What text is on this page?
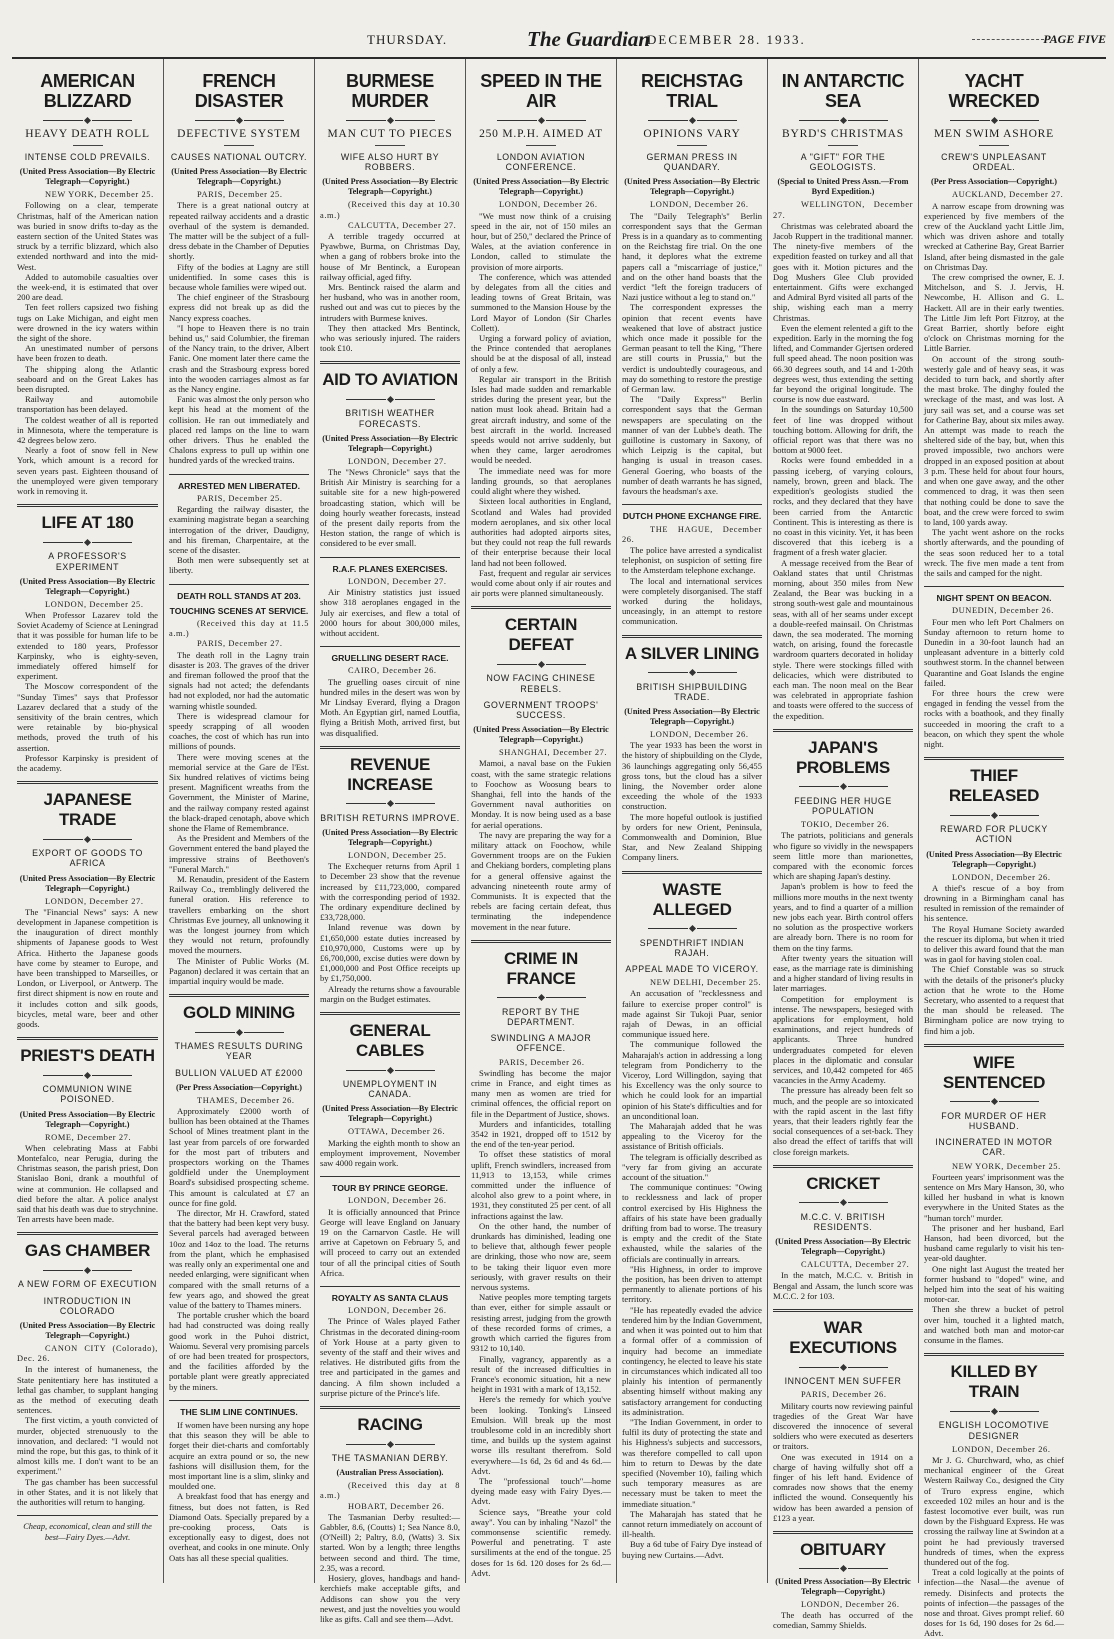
THURSDAY.	The Guardian
DECEMBER 28. 1933.	PAGE FIVE
AMERICAN BLIZZARD
HEAVY DEATH ROLL
INTENSE COLD PREVAILS.
(United Press Association—By Electric Telegraph—Copyright.)
NEW YORK, December 25.

Following on a clear, temperate Christmas, half of the American nation was buried in snow drifts to-day as the eastern section of the United States was struck by a terrific blizzard, which also extended northward and into the mid-West.

Added to automobile casualties over the week-end, it is estimated that over 200 are dead.

Ten feet rollers capsized two fishing tugs on Lake Michigan, and eight men were drowned in the icy waters within the sight of the shore.

An unestimated number of persons have been frozen to death.

The shipping along the Atlantic seaboard and on the Great Lakes has been disrupted.

Railway and automobile transportation has been delayed.

The coldest weather of all is reported in Minnesota, where the temperature is 42 degrees below zero.

Nearly a foot of snow fell in New York, which amount is a record for seven years past. Eighteen thousand of the unemployed were given temporary work in removing it.

LIFE AT 180
A PROFESSOR'S EXPERIMENT
(United Press Association—By Electric Telegraph—Copyright.)
LONDON, December 25.

When Professor Lazarev told the Soviet Academy of Science at Leningrad that it was possible for human life to be extended to 180 years, Professor Karpinsky, who is eighty-seven, immediately offered himself for experiment.

The Moscow correspondent of the "Sunday Times" says that Professor Lazarev declared that a study of the sensitivity of the brain centres, which were retainable by bio-physical methods, proved the truth of his assertion.

Professor Karpinsky is president of the academy.

JAPANESE TRADE
EXPORT OF GOODS TO AFRICA
(United Press Association—By Electric Telegraph—Copyright.)
LONDON, December 27.

The "Financial News" says: A new development in Japanese competition is the inauguration of direct monthly shipments of Japanese goods to West Africa. Hitherto the Japanese goods have come by steamer to Europe, and have been transhipped to Marseilles, or London, or Liverpool, or Antwerp. The first direct shipment is now en route and it includes cotton and silk goods, bicycles, metal ware, beer and other goods.

PRIEST'S DEATH
COMMUNION WINE POISONED.
(United Press Association—By Electric Telegraph—Copyright.)
ROME, December 27.

When celebrating Mass at Fabbi Montefalco, near Perugia, during the Christmas season, the parish priest, Don Stanislao Boni, drank a mouthful of wine at communion. He collapsed and died before the altar. A police analyst said that his death was due to strychnine. Ten arrests have been made.

GAS CHAMBER
A NEW FORM OF EXECUTION
INTRODUCTION IN COLORADO
(United Press Association—By Electric Telegraph—Copyright.)
CANON CITY (Colorado), Dec. 26.

In the interest of humaneness, the State penitentiary here has instituted a lethal gas chamber, to supplant hanging as the method of executing death sentences.

The first victim, a youth convicted of murder, objected strenuously to the innovation, and declared: "I would not mind the rope, but this gas, to think of it almost kills me. I don't want to be an experiment."

The gas chamber has been successful in other States, and it is not likely that the authorities will return to hanging.

Cheap, economical, clean and still the best—Fairy Dyes.—Advt.
FRENCH DISASTER
DEFECTIVE SYSTEM
CAUSES NATIONAL OUTCRY.
(United Press Association—By Electric Telegraph—Copyright.)
PARIS, December 25.

There is a great national outcry at repeated railway accidents and a drastic overhaul of the system is demanded. The matter will be the subject of a full-dress debate in the Chamber of Deputies shortly.

Fifty of the bodies at Lagny are still unidentified. In some cases this is because whole families were wiped out.

The chief engineer of the Strasbourg express did not break up as did the Nancy express coaches.

"I hope to Heaven there is no train behind us," said Columbier, the fireman of the Nancy train, to the driver, Albert Fanic. One moment later there came the crash and the Strasbourg express bored into the wooden carriages almost as far as the Nancy engine.

Fanic was almost the only person who kept his head at the moment of the collision. He ran out immediately and placed red lamps on the line to warn other drivers. Thus he enabled the Chalons express to pull up within one hundred yards of the wrecked trains.

ARRESTED MEN LIBERATED.
PARIS, December 25.

Regarding the railway disaster, the examining magistrate began a searching interrogation of the driver, Daudigny, and his fireman, Charpentaire, at the scene of the disaster.

Both men were subsequently set at liberty.

DEATH ROLL STANDS AT 203.
TOUCHING SCENES AT SERVICE.
(Received this day at 11.5 a.m.)
PARIS, December 27.

The death roll in the Lagny train disaster is 203. The graves of the driver and fireman followed the proof that the signals had not acted; the defendants had not exploded, nor had the automatic warning whistle sounded.

There is widespread clamour for speedy scrapping of all wooden coaches, the cost of which has run into millions of pounds.

There were moving scenes at the memorial service at the Gare de l'Est. Six hundred relatives of victims being present. Magnificent wreaths from the Government, the Minister of Marine, and the railway company rested against the black-draped cenotaph, above which shone the Flame of Remembrance.

As the President and Members of the Government entered the band played the impressive strains of Beethoven's "Funeral March."

M. Renaudin, president of the Eastern Railway Co., tremblingly delivered the funeral oration. His reference to travellers embarking on the short Christmas Eve journey, all unknowing it was the longest journey from which they would not return, profoundly moved the mourners.

The Minister of Public Works (M. Paganon) declared it was certain that an impartial inquiry would be made.

GOLD MINING
THAMES RESULTS DURING YEAR
BULLION VALUED AT £2000
(Per Press Association—Copyright.)
THAMES, December 26.

Approximately £2000 worth of bullion has been obtained at the Thames School of Mines treatment plant in the last year from parcels of ore forwarded for the most part of tributers and prospectors working on the Thames goldfield under the Unemployment Board's subsidised prospecting scheme. This amount is calculated at £7 an ounce for fine gold.

The director, Mr H. Crawford, stated that the battery had been kept very busy. Several parcels had averaged between 10oz and 14oz to the load. The returns from the plant, which he emphasised was really only an experimental one and needed enlarging, were significant when compared with the small returns of a few years ago, and showed the great value of the battery to Thames miners.

The portable crusher which the board had had constructed was doing really good work in the Puhoi district, Waiomu. Several very promising parcels of ore had been treated for prospectors, and the facilities afforded by the portable plant were greatly appreciated by the miners.

THE SLIM LINE CONTINUES.

If women have been nursing any hope that this season they will be able to forget their diet-charts and comfortably acquire an extra pound or so, the new fashions will disillusion them, for the most important line is a slim, slinky and moulded one.

A breakfast food that has energy and fitness, but does not fatten, is Red Diamond Oats. Specially prepared by a pre-cooking process, Oats is exceptionally easy to digest, does not overheat, and cooks in one minute. Only Oats has all these special qualities.

BURMESE MURDER
MAN CUT TO PIECES
WIFE ALSO HURT BY ROBBERS.
(United Press Association—By Electric Telegraph—Copyright.)
(Received this day at 10.30 a.m.)
CALCUTTA, December 27.

A terrible tragedy occurred at Pyawbwe, Burma, on Christmas Day, when a gang of robbers broke into the house of Mr Bentinck, a European railway official, aged fifty.

Mrs. Bentinck raised the alarm and her husband, who was in another room, rushed out and was cut to pieces by the intruders with Burmese knives.

They then attacked Mrs Bentinck, who was seriously injured. The raiders took £10.

AID TO AVIATION
BRITISH WEATHER FORECASTS.
(United Press Association—By Electric Telegraph—Copyright.)
LONDON, December 27.

The "News Chronicle" says that the British Air Ministry is searching for a suitable site for a new high-powered broadcasting station, which will be doing hourly weather forecasts, instead of the present daily reports from the Heston station, the range of which is considered to be ever small.

R.A.F. PLANES EXERCISES.
LONDON, December 27.

Air Ministry statistics just issued show 318 aeroplanes engaged in the July air exercises, and flew a total of 2000 hours for about 300,000 miles, without accident.

GRUELLING DESERT RACE.
CAIRO, December 26.

The gruelling oases circuit of nine hundred miles in the desert was won by Mr Lindsay Everard, flying a Dragon Moth. An Egyptian girl, named Loutfia, flying a British Moth, arrived first, but was disqualified.

REVENUE INCREASE
BRITISH RETURNS IMPROVE.
(United Press Association—By Electric Telegraph—Copyright.)
LONDON, December 25.

The Exchequer returns from April 1 to December 23 show that the revenue increased by £11,723,000, compared with the corresponding period of 1932. The ordinary expenditure declined by £33,728,000.

Inland revenue was down by £1,650,000 estate duties increased by £10,970,000, Customs were up by £6,700,000, excise duties were down by £1,000,000 and Post Office receipts up by £1,750,000.

Already the returns show a favourable margin on the Budget estimates.

GENERAL CABLES
UNEMPLOYMENT IN CANADA.
(United Press Association—By Electric Telegraph—Copyright.)
OTTAWA, December 26.

Marking the eighth month to show an employment improvement, November saw 4000 regain work.

TOUR BY PRINCE GEORGE.
LONDON, December 26.

It is officially announced that Prince George will leave England on January 19 on the Carnarvon Castle. He will arrive at Capetown on February 5, and will proceed to carry out an extended tour of all the principal cities of South Africa.

ROYALTY AS SANTA CLAUS
LONDON, December 26.

The Prince of Wales played Father Christmas in the decorated dining-room of York House at a party given to seventy of the staff and their wives and relatives. He distributed gifts from the tree and participated in the games and dancing. A film shown included a surprise picture of the Prince's life.

RACING
THE TASMANIAN DERBY.
(Australian Press Association).
(Received this day at 8 a.m.)
HOBART, December 26.

The Tasmanian Derby resulted:—Gabbler, 8.6, (Coutts) 1; Sea Nance 8.0, (O'Neill) 2; Paltry, 8.0, (Watts) 3. Six started. Won by a length; three lengths between second and third. The time, 2.35, was a record.

Hosiery, gloves, handbags and hand-kerchiefs make acceptable gifts, and Addisons can show you the very newest, and just the novelties you would like as gifts. Call and see them—Advt.

SPEED IN THE AIR
250 M.P.H. AIMED AT
LONDON AVIATION CONFERENCE.
(United Press Association—By Electric Telegraph—Copyright.)
LONDON, December 26.

"We must now think of a cruising speed in the air, not of 150 miles an hour, but of 250," declared the Prince of Wales, at the aviation conference in London, called to stimulate the provision of more airports.

The conference, which was attended by delegates from all the cities and leading towns of Great Britain, was summoned to the Mansion House by the Lord Mayor of London (Sir Charles Collett).

Urging a forward policy of aviation, the Prince contended that aeroplanes should be at the disposal of all, instead of only a few.

Regular air transport in the British Isles had made sudden and remarkable strides during the present year, but the nation must look ahead. Britain had a great aircraft industry, and some of the best aircraft in the world. Increased speeds would not arrive suddenly, but when they came, larger aerodromes would be needed.

The immediate need was for more landing grounds, so that aeroplanes could alight where they wished.

Sixteen local authorities in England, Scotland and Wales had provided modern aeroplanes, and six other local authorities had adopted airports sites, but they could not reap the full rewards of their enterprise because their local land had not been followed.

Fast, frequent and regular air services would come about only if air routes and air ports were planned simultaneously.

CERTAIN DEFEAT
NOW FACING CHINESE REBELS.
GOVERNMENT TROOPS' SUCCESS.
(United Press Association—By Electric Telegraph—Copyright.)
SHANGHAI, December 27.

Mamoi, a naval base on the Fukien coast, with the same strategic relations to Foochow as Woosung bears to Shanghai, fell into the hands of the Government naval authorities on Monday. It is now being used as a base for aerial operations.

The navy are preparing the way for a military attack on Foochow, while Government troops are on the Fukien and Chekiang borders, completing plans for a general offensive against the advancing nineteenth route army of Communists. It is expected that the rebels are facing certain defeat, thus terminating the independence movement in the near future.

CRIME IN FRANCE
REPORT BY THE DEPARTMENT.
SWINDLING A MAJOR OFFENCE.
PARIS, December 26.

Swindling has become the major crime in France, and eight times as many men as women are tried for criminal offences, the official report on file in the Department of Justice, shows.

Murders and infanticides, totalling 3542 in 1921, dropped off to 1512 by the end of the ten-year period.

To offset these statistics of moral uplift, French swindlers, increased from 11,913 to 13,153, while crimes committed under the influence of alcohol also grew to a point where, in 1931, they constituted 25 per cent. of all infractions against the law.

On the other hand, the number of drunkards has diminished, leading one to believe that, although fewer people are drinking, those who now are, seem to be taking their liquor even more seriously, with graver results on their nervous systems.

Native peoples more tempting targets than ever, either for simple assault or resisting arrest, judging from the growth of these recorded forms of crimes, a growth which carried the figures from 9312 to 10,140.

Finally, vagrancy, apparently as a result of the increased difficulties in France's economic situation, hit a new height in 1931 with a mark of 13,152.

Here's the remedy for which you've been looking. Tonking's Linseed Emulsion. Will break up the most troublesome cold in an incredibly short time, and builds up the system against worse ills resultant therefrom. Sold everywhere—1s 6d, 2s 6d and 4s 6d.—Advt.

The "professional touch"—home dyeing made easy with Fairy Dyes.—Advt.

Science says, "Breathe your cold away". You can by inhaling "Nazol" the commonsense scientific remedy. Powerful and penetrating. T aste sursiliments at the end of the tongue. 25 doses for 1s 6d. 120 doses for 2s 6d.—Advt.

REICHSTAG TRIAL
OPINIONS VARY
GERMAN PRESS IN QUANDARY.
(United Press Association—By Electric Telegraph—Copyright.)
LONDON, December 26.

The "Daily Telegraph's" Berlin correspondent says that the German Press is in a quandary as to commenting on the Reichstag fire trial. On the one hand, it deplores what the extreme papers call a "miscarriage of justice," and on the other hand boasts that the verdict "left the foreign traducers of Nazi justice without a leg to stand on."

The correspondent expresses the opinion that recent events have weakened that love of abstract justice which once made it possible for the German peasant to tell the King, "There are still courts in Prussia," but the verdict is undoubtedly courageous, and may do something to restore the prestige of German law.

The "Daily Express'" Berlin correspondent says that the German newspapers are speculating on the manner of van der Lubbe's death. The guillotine is customary in Saxony, of which Leipzig is the capital, but hanging is usual in treason cases. General Goering, who boasts of the number of death warrants he has signed, favours the headsman's axe.

DUTCH PHONE EXCHANGE FIRE.
THE HAGUE, December 26.

The police have arrested a syndicalist telephonist, on suspicion of setting fire to the Amsterdam telephone exchange.

The local and international services were completely disorganised. The staff worked during the holidays, unceasingly, in an attempt to restore communication.

A SILVER LINING
BRITISH SHIPBUILDING TRADE.
(United Press Association—By Electric Telegraph—Copyright.)
LONDON, December 26.

The year 1933 has been the worst in the history of shipbuilding on the Clyde, 36 launchings aggregating only 56,455 gross tons, but the cloud has a silver lining, the November order alone exceeding the whole of the 1933 construction.

The more hopeful outlook is justified by orders for new Orient, Peninsula, Commonwealth and Dominion, Blue Star, and New Zealand Shipping Company liners.

WASTE ALLEGED
SPENDTHRIFT INDIAN RAJAH.
APPEAL MADE TO VICEROY.
NEW DELHI, December 25.

An accusation of "recklessness and failure to exercise proper control" is made against Sir Tukoji Puar, senior rajah of Dewas, in an official communique issued here.

The communique followed the Maharajah's action in addressing a long telegram from Pondicherry to the Viceroy, Lord Willingdon, saying that his Excellency was the only source to which he could look for an impartial opinion of his State's difficulties and for an unconditional loan.

The Maharajah added that he was appealing to the Viceroy for the assistance of British officials.

The telegram is officially described as "very far from giving an accurate account of the situation."

The communique continues: "Owing to recklessness and lack of proper control exercised by His Highness the affairs of his state have been gradually drifting from bad to worse. The treasury is empty and the credit of the State exhausted, while the salaries of the officials are continually in arrears.

"His Highness, in order to improve the position, has been driven to attempt permanently to alienate portions of his territory.

"He has repeatedly evaded the advice tendered him by the Indian Government, and when it was pointed out to him that a formal offer of a commission of inquiry had become an immediate contingency, he elected to leave his state in circumstances which indicated all too plainly his intention of permanently absenting himself without making any satisfactory arrangement for conducting its administration.

"The Indian Government, in order to fulfil its duty of protecting the state and his Highness's subjects and successors, was therefore compelled to call upon him to return to Dewas by the date specified (November 10), failing which such temporary measures as are necessary must be taken to meet the immediate situation."

The Maharajah has stated that he cannot return immediately on account of ill-health.

Buy a 6d tube of Fairy Dye instead of buying new Curtains.—Advt.

IN ANTARCTIC SEA
BYRD'S CHRISTMAS
A "GIFT" FOR THE GEOLOGISTS.
(Special to United Press Assn.—From Byrd Expedition.)
WELLINGTON, December 27.

Christmas was celebrated aboard the Jacob Ruppert in the traditional manner. The ninety-five members of the expedition feasted on turkey and all that goes with it. Motion pictures and the Dog Mushers Glee Club provided entertainment. Gifts were exchanged and Admiral Byrd visited all parts of the ship, wishing each man a merry Christmas.

Even the element relented a gift to the expedition. Early in the morning the fog lifted, and Commander Gjertsen ordered full speed ahead. The noon position was 66.30 degrees south, and 14 and 1-20th degrees west, thus extending the setting far beyond the original longitude. The course is now due eastward.

In the soundings on Saturday 10,500 feet of line was dropped without touching bottom. Allowing for drift, the official report was that there was no bottom at 9000 feet.

Rocks were found embedded in a passing iceberg, of varying colours, namely, brown, green and black. The expedition's geologists studied the rocks, and they declared that they have been carried from the Antarctic Continent. This is interesting as there is no coast in this vicinity. Yet, it has been discovered that this iceberg is a fragment of a fresh water glacier.

A message received from the Bear of Oakland states that until Christmas morning, about 350 miles from New Zealand, the Bear was bucking in a strong south-west gale and mountainous seas, with all of her seams under except a double-reefed mainsail. On Christmas dawn, the sea moderated. The morning watch, on arising, found the forecastle wardroom quarters decorated in holiday style. There were stockings filled with delicacies, which were distributed to each man. The noon meal on the Bear was celebrated in appropriate fashion and toasts were offered to the success of the expedition.

JAPAN'S PROBLEMS
FEEDING HER HUGE POPULATION
TOKIO, December 26.

The patriots, politicians and generals who figure so vividly in the newspapers seem little more than marionettes, compared with the economic forces which are shaping Japan's destiny.

Japan's problem is how to feed the millions more mouths in the next twenty years, and to find a quarter of a million new jobs each year. Birth control offers no solution as the prospective workers are already born. There is no room for them on the tiny farms.

After twenty years the situation will ease, as the marriage rate is diminishing and a higher standard of living results in later marriages.

Competition for employment is intense. The newspapers, besieged with applications for employment, hold examinations, and reject hundreds of applicants. Three hundred undergraduates competed for eleven places in the diplomatic and consular services, and 10,442 competed for 465 vacancies in the Army Academy.

The pressure has already been felt so much, and the people are so intoxicated with the rapid ascent in the last fifty years, that their leaders rightly fear the social consequences of a set-back. They also dread the effect of tariffs that will close foreign markets.

CRICKET
M.C.C. V. BRITISH RESIDENTS.
(United Press Association—By Electric Telegraph—Copyright.)
CALCUTTA, December 27.

In the match, M.C.C. v. British in Bengal and Assam, the lunch score was M.C.C. 2 for 103.

WAR EXECUTIONS
INNOCENT MEN SUFFER
PARIS, December 26.

Military courts now reviewing painful tragedies of the Great War have discovered the innocence of several soldiers who were executed as deserters or traitors.

One was executed in 1914 on a charge of having wilfully shot off a finger of his left hand. Evidence of comrades now shows that the enemy inflicted the wound. Consequently his widow has been awarded a pension of £123 a year.

OBITUARY
(United Press Association—By Electric Telegraph—Copyright.)
LONDON, December 26.

The death has occurred of the comedian, Sammy Shields.

YACHT WRECKED
MEN SWIM ASHORE
CREW'S UNPLEASANT ORDEAL.
(Per Press Association—Copyright.)
AUCKLAND, December 27.

A narrow escape from drowning was experienced by five members of the crew of the Auckland yacht Little Jim, which was driven ashore and totally wrecked at Catherine Bay, Great Barrier Island, after being dismasted in the gale on Christmas Day.

The crew comprised the owner, E. J. Mitchelson, and S. J. Jervis, H. Newcombe, H. Allison and G. L. Hackett. All are in their early twenties. The Little Jim left Port Fitzroy, at the Great Barrier, shortly before eight o'clock on Christmas morning for the Little Barrier.

On account of the strong south-westerly gale and of heavy seas, it was decided to turn back, and shortly after the mast broke. The dinghy fouled the wreckage of the mast, and was lost. A jury sail was set, and a course was set for Catherine Bay, about six miles away. An attempt was made to reach the sheltered side of the bay, but, when this proved impossible, two anchors were dropped in an exposed position at about 3 p.m. These held for about four hours, and when one gave away, and the other commenced to drag, it was then seen that nothing could be done to save the boat, and the crew were forced to swim to land, 100 yards away.

The yacht went ashore on the rocks shortly afterwards, and the pounding of the seas soon reduced her to a total wreck. The five men made a tent from the sails and camped for the night.

NIGHT SPENT ON BEACON.
DUNEDIN, December 26.

Four men who left Port Chalmers on Sunday afternoon to return home to Dunedin in a 30-foot launch had an unpleasant adventure in a bitterly cold southwest storm. In the channel between Quarantine and Goat Islands the engine failed.

For three hours the crew were engaged in fending the vessel from the rocks with a boathook, and they finally succeeded in mooring the craft to a beacon, on which they spent the whole night.

THIEF RELEASED
REWARD FOR PLUCKY ACTION
(United Press Association—By Electric Telegraph—Copyright.)
LONDON, December 26.

A thief's rescue of a boy from drowning in a Birmingham canal has resulted in remission of the remainder of his sentence.

The Royal Humane Society awarded the rescuer its diploma, but when it tried to deliver this award found that the man was in gaol for having stolen coal.

The Chief Constable was so struck with the details of the prisoner's plucky action that he wrote to the Home Secretary, who assented to a request that the man should be released. The Birmingham police are now trying to find him a job.

WIFE SENTENCED
FOR MURDER OF HER HUSBAND.
INCINERATED IN MOTOR CAR.
NEW YORK, December 25.

Fourteen years' imprisonment was the sentence on Mrs Mary Hanson, 30, who killed her husband in what is known everywhere in the United States as the "human torch" murder.

The prisoner and her husband, Earl Hanson, had been divorced, but the husband came regularly to visit his ten-year-old daughter.

One night last August the treated her former husband to "doped" wine, and helped him into the seat of his waiting motor-car.

Then she threw a bucket of petrol over him, touched it a lighted match, and watched both man and motor-car consume in the flames.

KILLED BY TRAIN
ENGLISH LOCOMOTIVE DESIGNER
LONDON, December 26.

Mr J. G. Churchward, who, as chief mechanical engineer of the Great Western Railway Co., designed the City of Truro express engine, which exceeded 102 miles an hour and is the fastest locomotive ever built, was run down by the Fishguard Express. He was crossing the railway line at Swindon at a point he had previously traversed hundreds of times, when the express thundered out of the fog.

Treat a cold logically at the points of infection—the Nasal—the avenue of remedy. Disinfects and protects the points of infection—the passages of the nose and throat. Gives prompt relief. 60 doses for 1s 6d, 190 doses for 2s 6d.—Advt.
